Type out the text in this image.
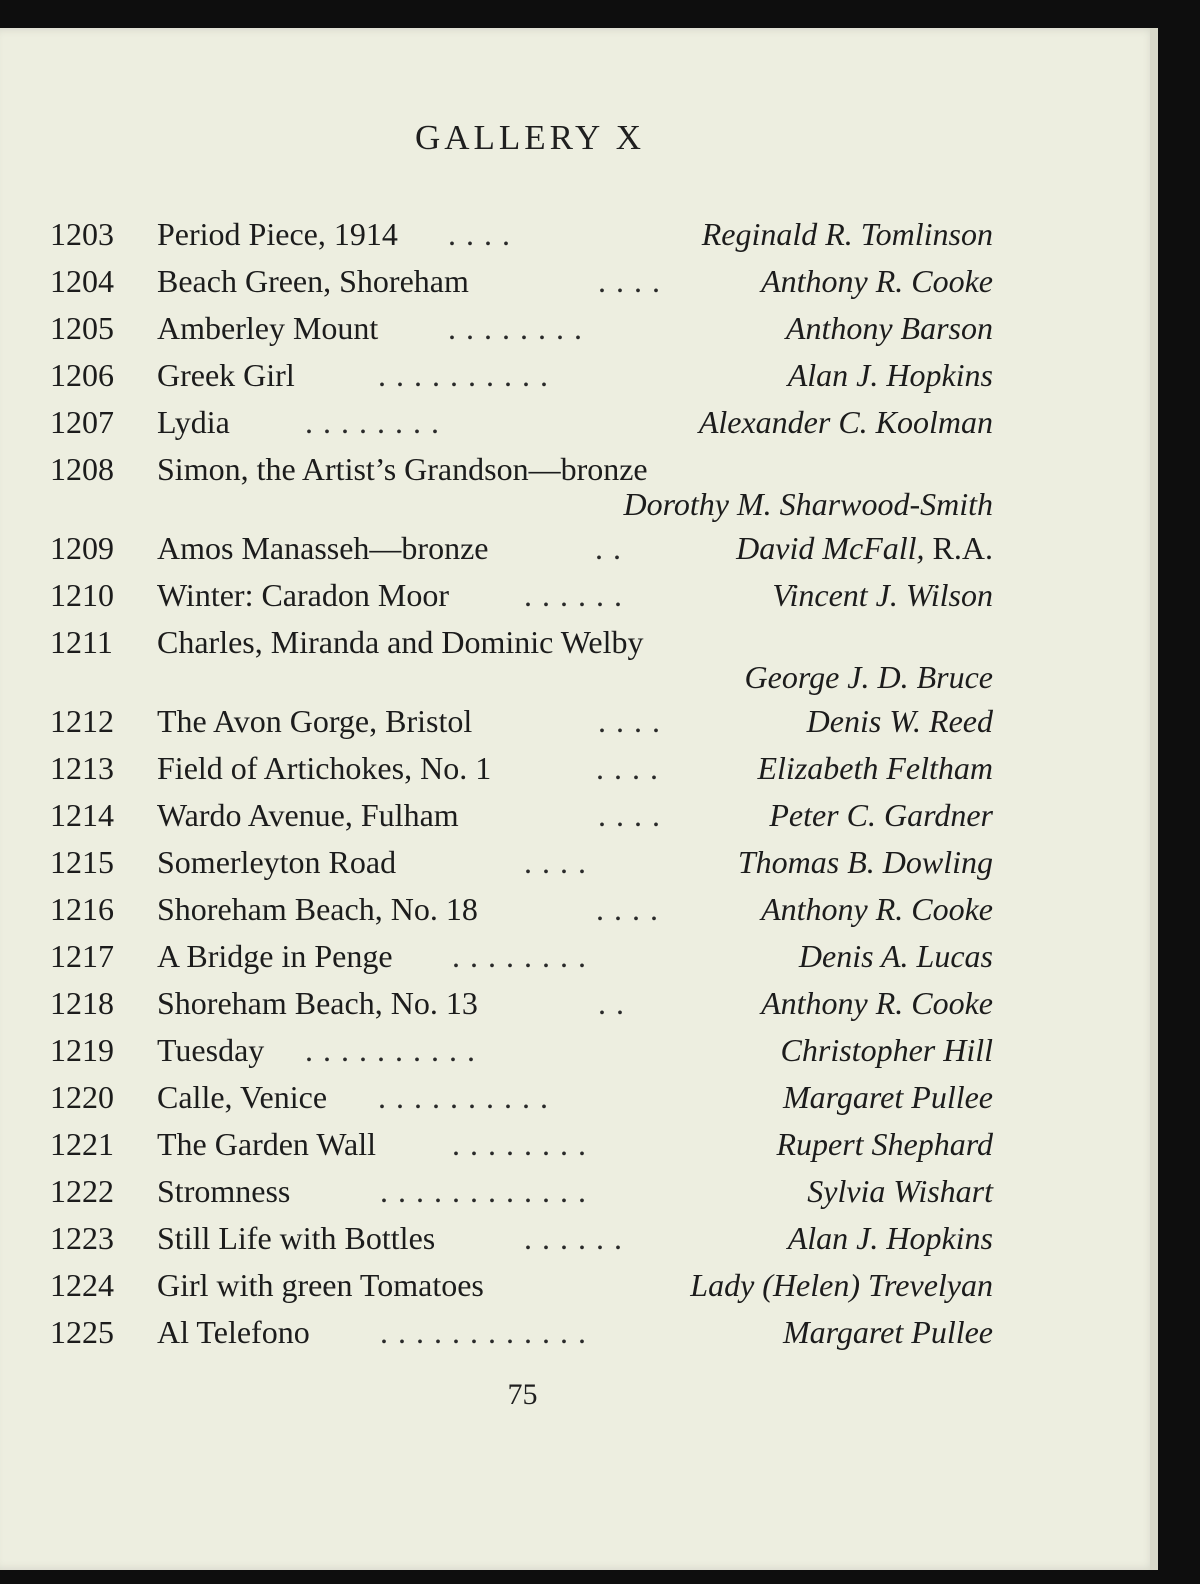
GALLERY X
1203 Period Piece, 1914 . . . .	Reginald R. Tomlinson
1204 Beach Green, Shoreham	. . . .	Anthony R. Cooke
1205 Amberley Mount . . . . . . . .	Anthony Barson
1206 Greek Girl	. . . . . . . . . .	Alan J. Hopkins
1207 Lydia . . . . . . . .	Alexander C. Koolman
1208 Simon, the Artist’s Grandson—bronze
Dorothy M. Sharwood-Smith
1209 Amos Manasseh—bronze	. .	David McFall, R.A.
1210 Winter: Caradon Moor . . . . . .	Vincent J. Wilson
1211 Charles, Miranda and Dominic Welby
George J. D. Bruce
1212 The Avon Gorge, Bristol	. . . .	Denis W. Reed
1213 Field of Artichokes, No. 1	. . . .	Elizabeth Feltham
1214 Wardo Avenue, Fulham	. . . .	Peter C. Gardner
1215 Somerleyton Road	. . . .	Thomas B. Dowling
1216 Shoreham Beach, No. 18	. . . .	Anthony R. Cooke
1217 A Bridge in Penge . . . . . . . .	Denis A. Lucas
1218 Shoreham Beach, No. 13	. .	Anthony R. Cooke
1219 Tuesday . . . . . . . . . .	Christopher Hill
1220 Calle, Venice . . . . . . . . . .	Margaret Pullee
1221 The Garden Wall . . . . . . . .	Rupert Shephard
1222 Stromness	. . . . . . . . . . . .	Sylvia Wishart
1223 Still Life with Bottles	. . . . . .	Alan J. Hopkins
1224 Girl with green Tomatoes	Lady (Helen) Trevelyan
1225 Al Telefono . . . . . . . . . . . .	Margaret Pullee
75
